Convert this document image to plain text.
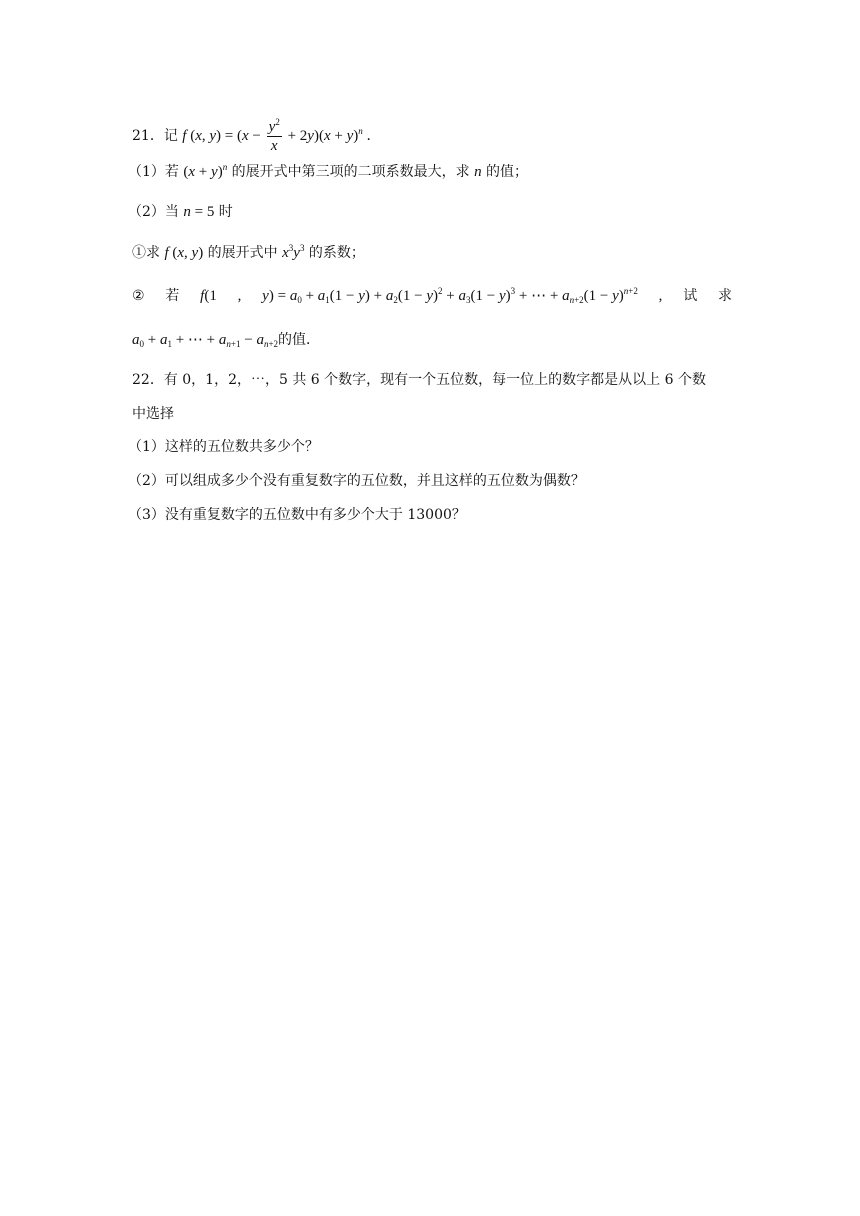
21．记 f (x, $y) = (x - \frac{y^2}{x} + 2y)(x + y)^n$ ．
（1）若 $(x + y)^n$ 的展开式中第三项的二项系数最大，求 n 的值；
（2）当 n = 5 时
①求 f (x, y) 的展开式中 $x^3y^3$ 的系数；
② 若 f(1 , $y) = a_0 + a_1(1 - y) + a_2(1 - y)^2 + a_3(1 - y)^3$ + ⋯ + $a_{n+2}(1 - y)^{n+2}$ , 试 求
$a_0 + a_1$ + ⋯ + $a_{n+1} - a_{n+2}$的值．
22．有 0，1，2，⋯，5 共 6 个数字，现有一个五位数，每一位上的数字都是从以上 6 个数
中选择
（1）这样的五位数共多少个？
（2）可以组成多少个没有重复数字的五位数，并且这样的五位数为偶数？
（3）没有重复数字的五位数中有多少个大于 13000？
